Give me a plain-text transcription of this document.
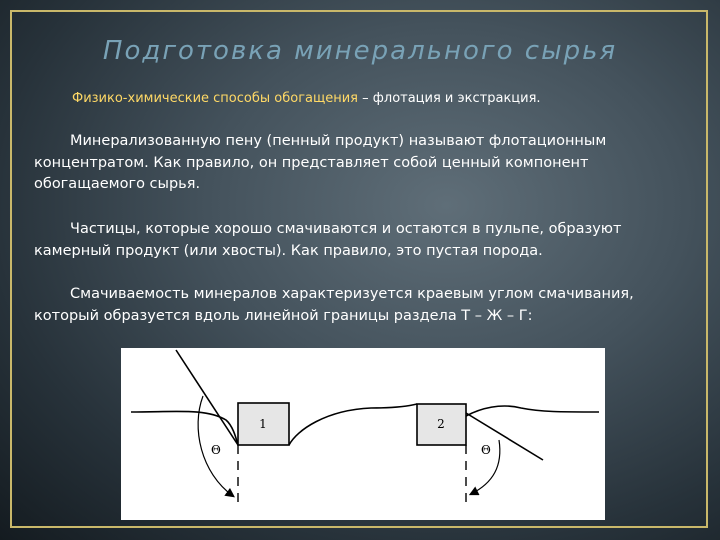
Подготовка минерального сырья
Физико-химические способы обогащения – флотация и экстракция.

Минерализованную пену (пенный продукт) называют флотационным концентратом. Как правило, он представляет собой ценный компонент обогащаемого сырья.

Частицы, которые хорошо смачиваются и остаются в пульпе, образуют камерный продукт (или хвосты). Как правило, это пустая порода.

Смачиваемость минералов характеризуется краевым углом смачивания, который образуется вдоль линейной границы раздела Т – Ж – Г:

1	2
Θ	Θ
